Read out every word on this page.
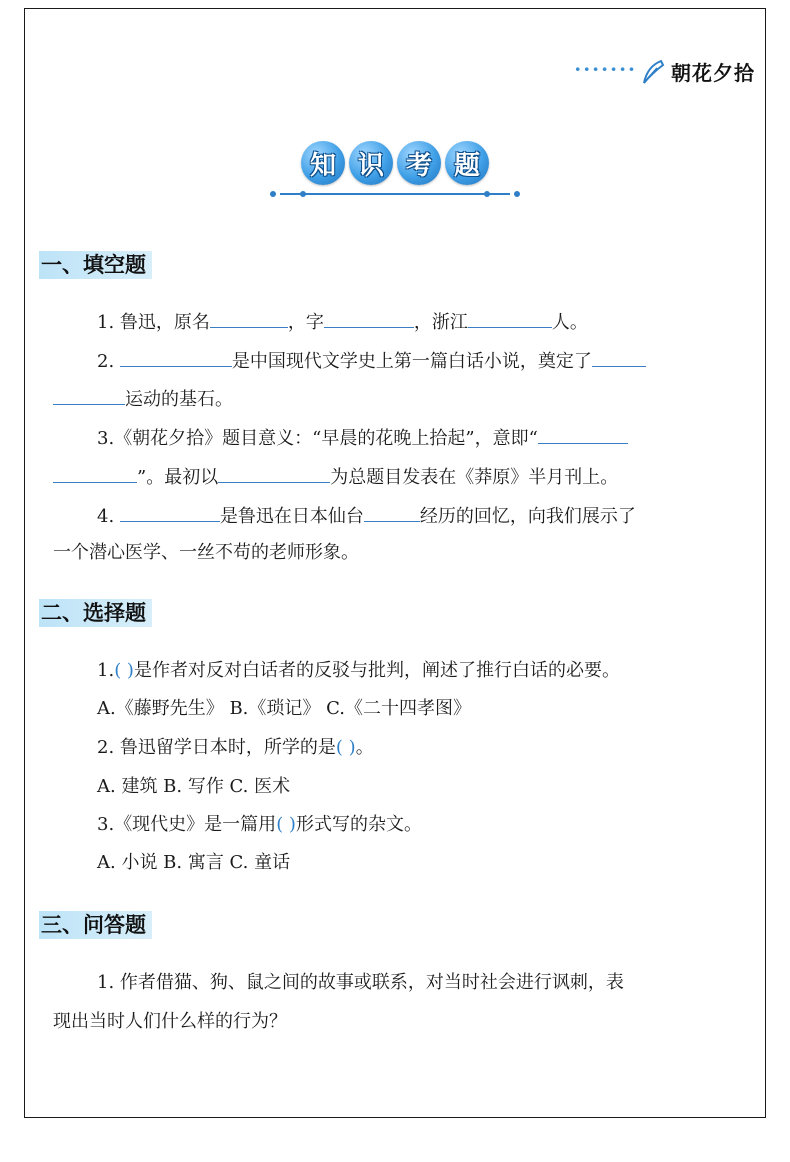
······· 朝花夕拾
知 识 考 题
一、填空题
1. 鲁迅，原名	，字	，浙江	人。
2.	是中国现代文学史上第一篇白话小说，奠定了
运动的基石。
3.《朝花夕拾》题目意义：“早晨的花晚上拾起”，意即“
”。最初以	为总题目发表在《莽原》半月刊上。
4.	是鲁迅在日本仙台	经历的回忆，向我们展示了
一个潜心医学、一丝不苟的老师形象。
二、选择题
1.( )是作者对反对白话者的反驳与批判，阐述了推行白话的必要。
A.《藤野先生》 B.《琐记》 C.《二十四孝图》
2. 鲁迅留学日本时，所学的是( )。
A. 建筑 B. 写作 C. 医术
3.《现代史》是一篇用( )形式写的杂文。
A. 小说 B. 寓言 C. 童话
三、问答题
1. 作者借猫、狗、鼠之间的故事或联系，对当时社会进行讽刺，表
现出当时人们什么样的行为？
